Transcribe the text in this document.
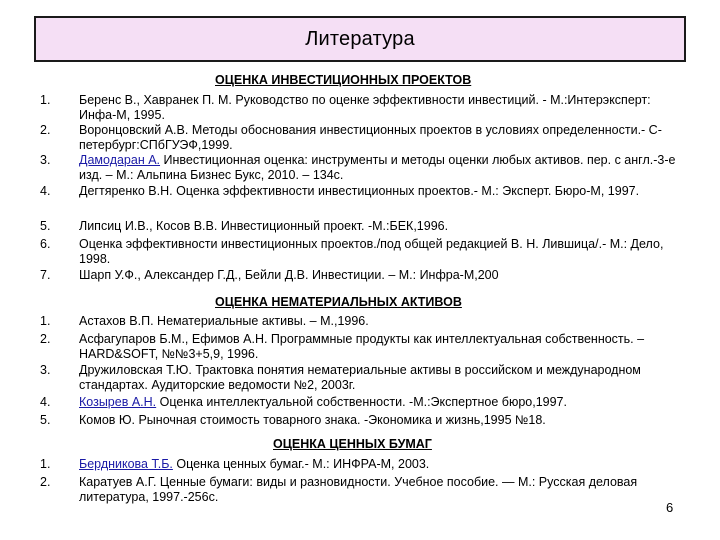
Литература
ОЦЕНКА ИНВЕСТИЦИОННЫХ ПРОЕКТОВ
1.	Беренс В., Хавранек П. М. Руководство по оценке эффективности инвестиций. - М.:Интерэксперт: Инфа-М, 1995.
2.	Воронцовский А.В. Методы обоснования инвестиционных проектов в условиях определенности.- С-петербург:СПбГУЭФ,1999.
3.	Дамодаран А. Инвестиционная оценка: инструменты и методы оценки любых активов. пер. с англ.-3-е изд. – М.: Альпина Бизнес Букс, 2010. – 134с.
4.	Дегтяренко В.Н. Оценка эффективности инвестиционных проектов.- М.: Эксперт. Бюро-М, 1997.
5.	Липсиц И.В., Косов В.В. Инвестиционный проект. -М.:БЕК,1996.
6.	Оценка эффективности инвестиционных проектов./под общей редакцией В. Н. Лившица/.- М.: Дело, 1998.
7.	Шарп У.Ф., Александер Г.Д., Бейли Д.В. Инвестиции. – М.: Инфра-М,200
ОЦЕНКА НЕМАТЕРИАЛЬНЫХ АКТИВОВ
1.	Астахов В.П. Нематериальные активы. – М.,1996.
2.	Асфагупаров Б.М., Ефимов А.Н. Программные продукты как интеллектуальная собственность. – HARD&SOFT, №№3+5,9, 1996.
3.	Дружиловская Т.Ю. Трактовка понятия нематериальные активы в российском и международном стандартах. Аудиторские ведомости №2, 2003г.
4.	Козырев А.Н. Оценка интеллектуальной собственности. -М.:Экспертное бюро,1997.
5.	Комов Ю. Рыночная стоимость товарного знака. -Экономика и жизнь,1995 №18.
ОЦЕНКА ЦЕННЫХ БУМАГ
1.	Бердникова Т.Б. Оценка ценных бумаг.- М.: ИНФРА-М, 2003.
2.	Каратуев А.Г. Ценные бумаги: виды и разновидности. Учебное пособие. — М.: Русская деловая литература, 1997.-256с.
6
